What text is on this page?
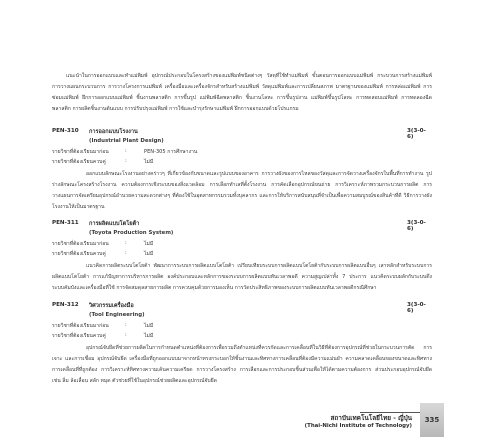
แนะนำในการออกแบบและทำแม่พิมพ์ อุปกรณ์ประกอบในโครงสร้างของแม่พิมพ์ชนิดต่างๆ วัสดุที่ใช้ทำแม่พิมพ์ ขั้นตอนการออกแบบแม่พิมพ์ กระบวนการสร้างแม่พิมพ์ การวางแผนกระบวนการ การวางโครงการแม่พิมพ์ เครื่องมือและเครื่องจักรสำหรับสร้างแม่พิมพ์ วัสดุแม่พิมพ์และการเปลี่ยนสภาพ มาตรฐานของแม่พิมพ์ การหล่อแม่พิมพ์ การซ่อมแม่พิมพ์ ฝึกการออกแบบแม่พิมพ์ ชิ้นงานพลาสติก การขึ้นรูป แม่พิมพ์ฉีดพลาสติก ชิ้นงานโลหะ การขึ้นรูปงาน แม่พิมพ์ขึ้นรูปโลหะ การทดสอบแม่พิมพ์ การทดลองฉีดพลาสติก การผลิตชิ้นงานต้นแบบ การปรับปรุงแม่พิมพ์ การใช้และบำรุงรักษาแม่พิมพ์ ฝึกการออกแบบด้วยโปรแกรม
PEN-310 การออกแบบโรงงาน	3(3-0-6)
(Industrial Plant Design)
รายวิชาที่ต้องเรียนมาก่อน	:	PEN-305 การศึกษางาน
รายวิชาที่ต้องเรียนควบคู่	:	ไม่มี
ออกแบบลักษณะโรงงานอย่างคร่าวๆ ที่เกี่ยวข้องกับขนาดและรูปแบบของอาคาร การวางผังของการไหลของวัสดุและการจัดวางเครื่องจักรในพื้นที่การทำงาน รูปร่างลักษณะโครงสร้างโรงงาน ความต้องการเชิงระบบของสิ่งแวดล้อม การเลือกทำเลที่ตั้งโรงงาน การคัดเลือกอุปกรณ์ขนถ่าย การวิเคราะห์ภาพรวมกระบวนการผลิต การวางแผนการจัดเตรียมอุปกรณ์อำนวยความสะดวกต่างๆ ที่ต้องใช้ในอุตสาหกรรมรวมทั้งบุคลากร และการให้บริการสนับสนุนที่จำเป็นเพื่อความสมบูรณ์ของสินค้าที่ดี วิธีการวางผังโรงงานให้เป็นมาตรฐาน
PEN-311 การผลิตแบบโตโยต้า	3(3-0-6)
(Toyota Production System)
รายวิชาที่ต้องเรียนมาก่อน	:	ไม่มี
รายวิชาที่ต้องเรียนควบคู่	:	ไม่มี
แนวคิดการผลิตระบบโตโยต้า พัฒนาการระบบการผลิตแบบโตโยต้า เปรียบเทียบระบบการผลิตแบบโตโยต้ากับระบบการผลิตแบบอื่นๆ เสาหลักสำหรับระบบการผลิตแบบโตโยต้า การแก้ปัญหาการบริหารการผลิต องค์ประกอบและหลักการของระบบการผลิตแบบทันเวลาพอดี ความสูญเปล่าทั้ง 7 ประการ แนวคิดระบบผลักกับระบบดึง ระบบคัมบังและเครื่องมือที่ใช้ การจัดสมดุลสายการผลิต การควบคุมด้วยการมองเห็น การวัดประสิทธิภาพของระบบการผลิตแบบทันเวลาพอดีกรณีศึกษา
PEN-312 วิศวกรรมเครื่องมือ	3(3-0-6)
(Tool Engineering)
รายวิชาที่ต้องเรียนมาก่อน	:	ไม่มี
รายวิชาที่ต้องเรียนควบคู่	:	ไม่มี
อุปกรณ์จับยึดที่ช่วยการผลิตในการกำหนดตำแหน่งที่ต้องการเพื่อรวมถึงตำแหน่งที่ควรกัดและการเคลื่อนที่ในวิธีที่ต้องการอุปกรณ์ที่ช่วยในกระบวนการตัด การเจาะ และการเชื่อม อุปกรณ์จับยึด เครื่องมือที่ถูกออกแบบมาจากหน้าทรงกระบอกให้ชิ้นงานและทิศทางการเคลื่อนที่ต้องมีความแม่นยำ ความคลาดเคลื่อนของขนาดและทิศทางการเคลื่อนที่ที่ถูกต้อง การวิเคราะห์ทิศทางความเค้นความเครียด การวางโครงสร้าง การเลือกและการประกอบชิ้นส่วนเพื่อให้ได้ตามความต้องการ ส่วนประกอบอุปกรณ์จับยึด เช่น ลิ่ม ล้อเลื่อน สลัก หมุด ตัวช่วยที่ใช้ในอุปกรณ์ช่วยผลิตและอุปกรณ์จับยึด
สถาบันเทคโนโลยีไทย - ญี่ปุ่น
(Thai-Nichi Institute of Technology)
335
